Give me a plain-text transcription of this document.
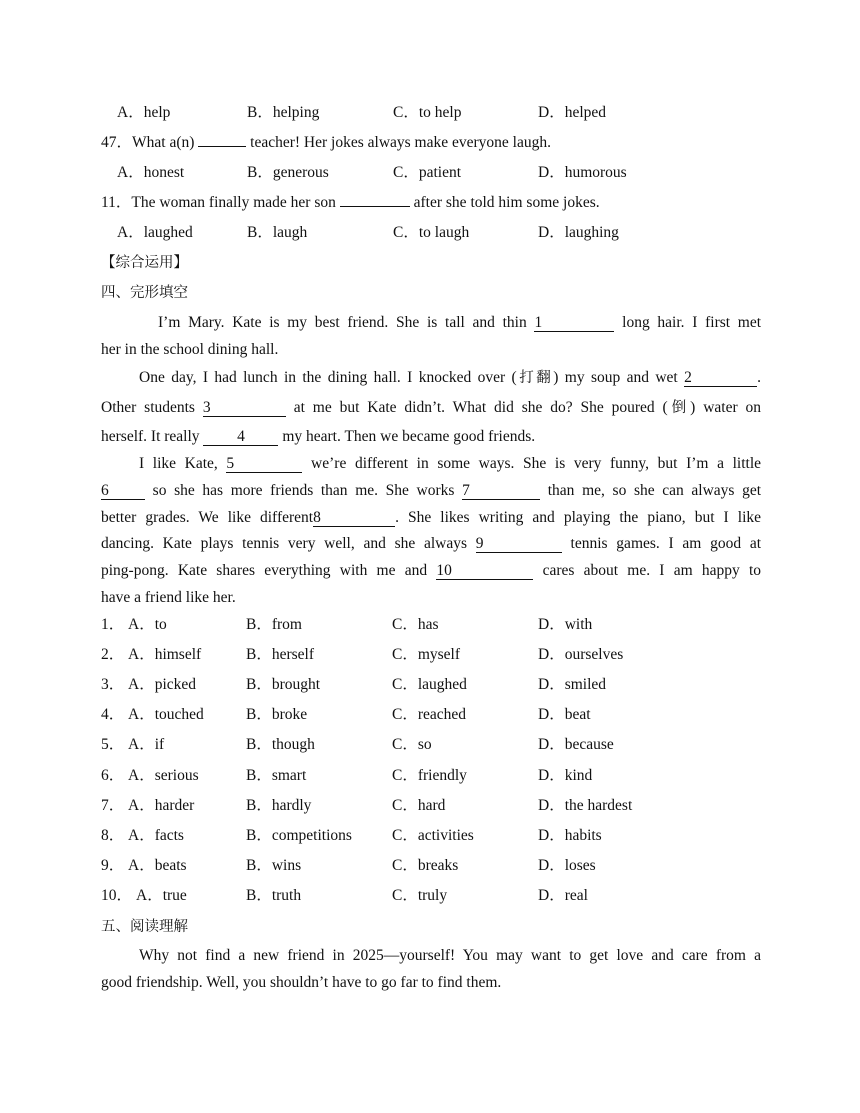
A．help	B．helping	C．to help	D．helped
47．What a(n)	teacher! Her jokes always make everyone laugh.
A．honest	B．generous	C．patient	D．humorous
11．The woman finally made her son	after she told him some jokes.
A．laughed	B．laugh	C．to laugh	D．laughing
【综合运用】
四、完形填空
I’m Mary. Kate is my best friend. She is tall and thin 1	long hair. I first met
her in the school dining hall.
One day, I had lunch in the dining hall. I knocked over (打翻) my soup and wet 2	.
Other students 3	at me but Kate didn’t. What did she do? She poured (倒) water on
herself. It really 4 my heart. Then we became good friends.
I like Kate, 5	we’re different in some ways. She is very funny, but I’m a little
6	so she has more friends than me. She works 7	than me, so she can always get
better grades. We like different8	. She likes writing and playing the piano, but I like
dancing. Kate plays tennis very well, and she always 9	tennis games. I am good at
ping-pong. Kate shares everything with me and 10	cares about me. I am happy to
have a friend like her.
1． A．to	B．from	C．has	D．with
2． A．himself	B．herself	C．myself	D．ourselves
3． A．picked	B．brought	C．laughed	D．smiled
4． A．touched	B．broke	C．reached	D．beat
5． A．if	B．though	C．so	D．because
6． A．serious	B．smart	C．friendly	D．kind
7． A．harder	B．hardly	C．hard	D．the hardest
8． A．facts	B．competitions	C．activities	D．habits
9． A．beats	B．wins	C．breaks	D．loses
10． A．true	B．truth	C．truly	D．real
五、阅读理解
Why not find a new friend in 2025—yourself! You may want to get love and care from a
good friendship. Well, you shouldn’t have to go far to find them.
